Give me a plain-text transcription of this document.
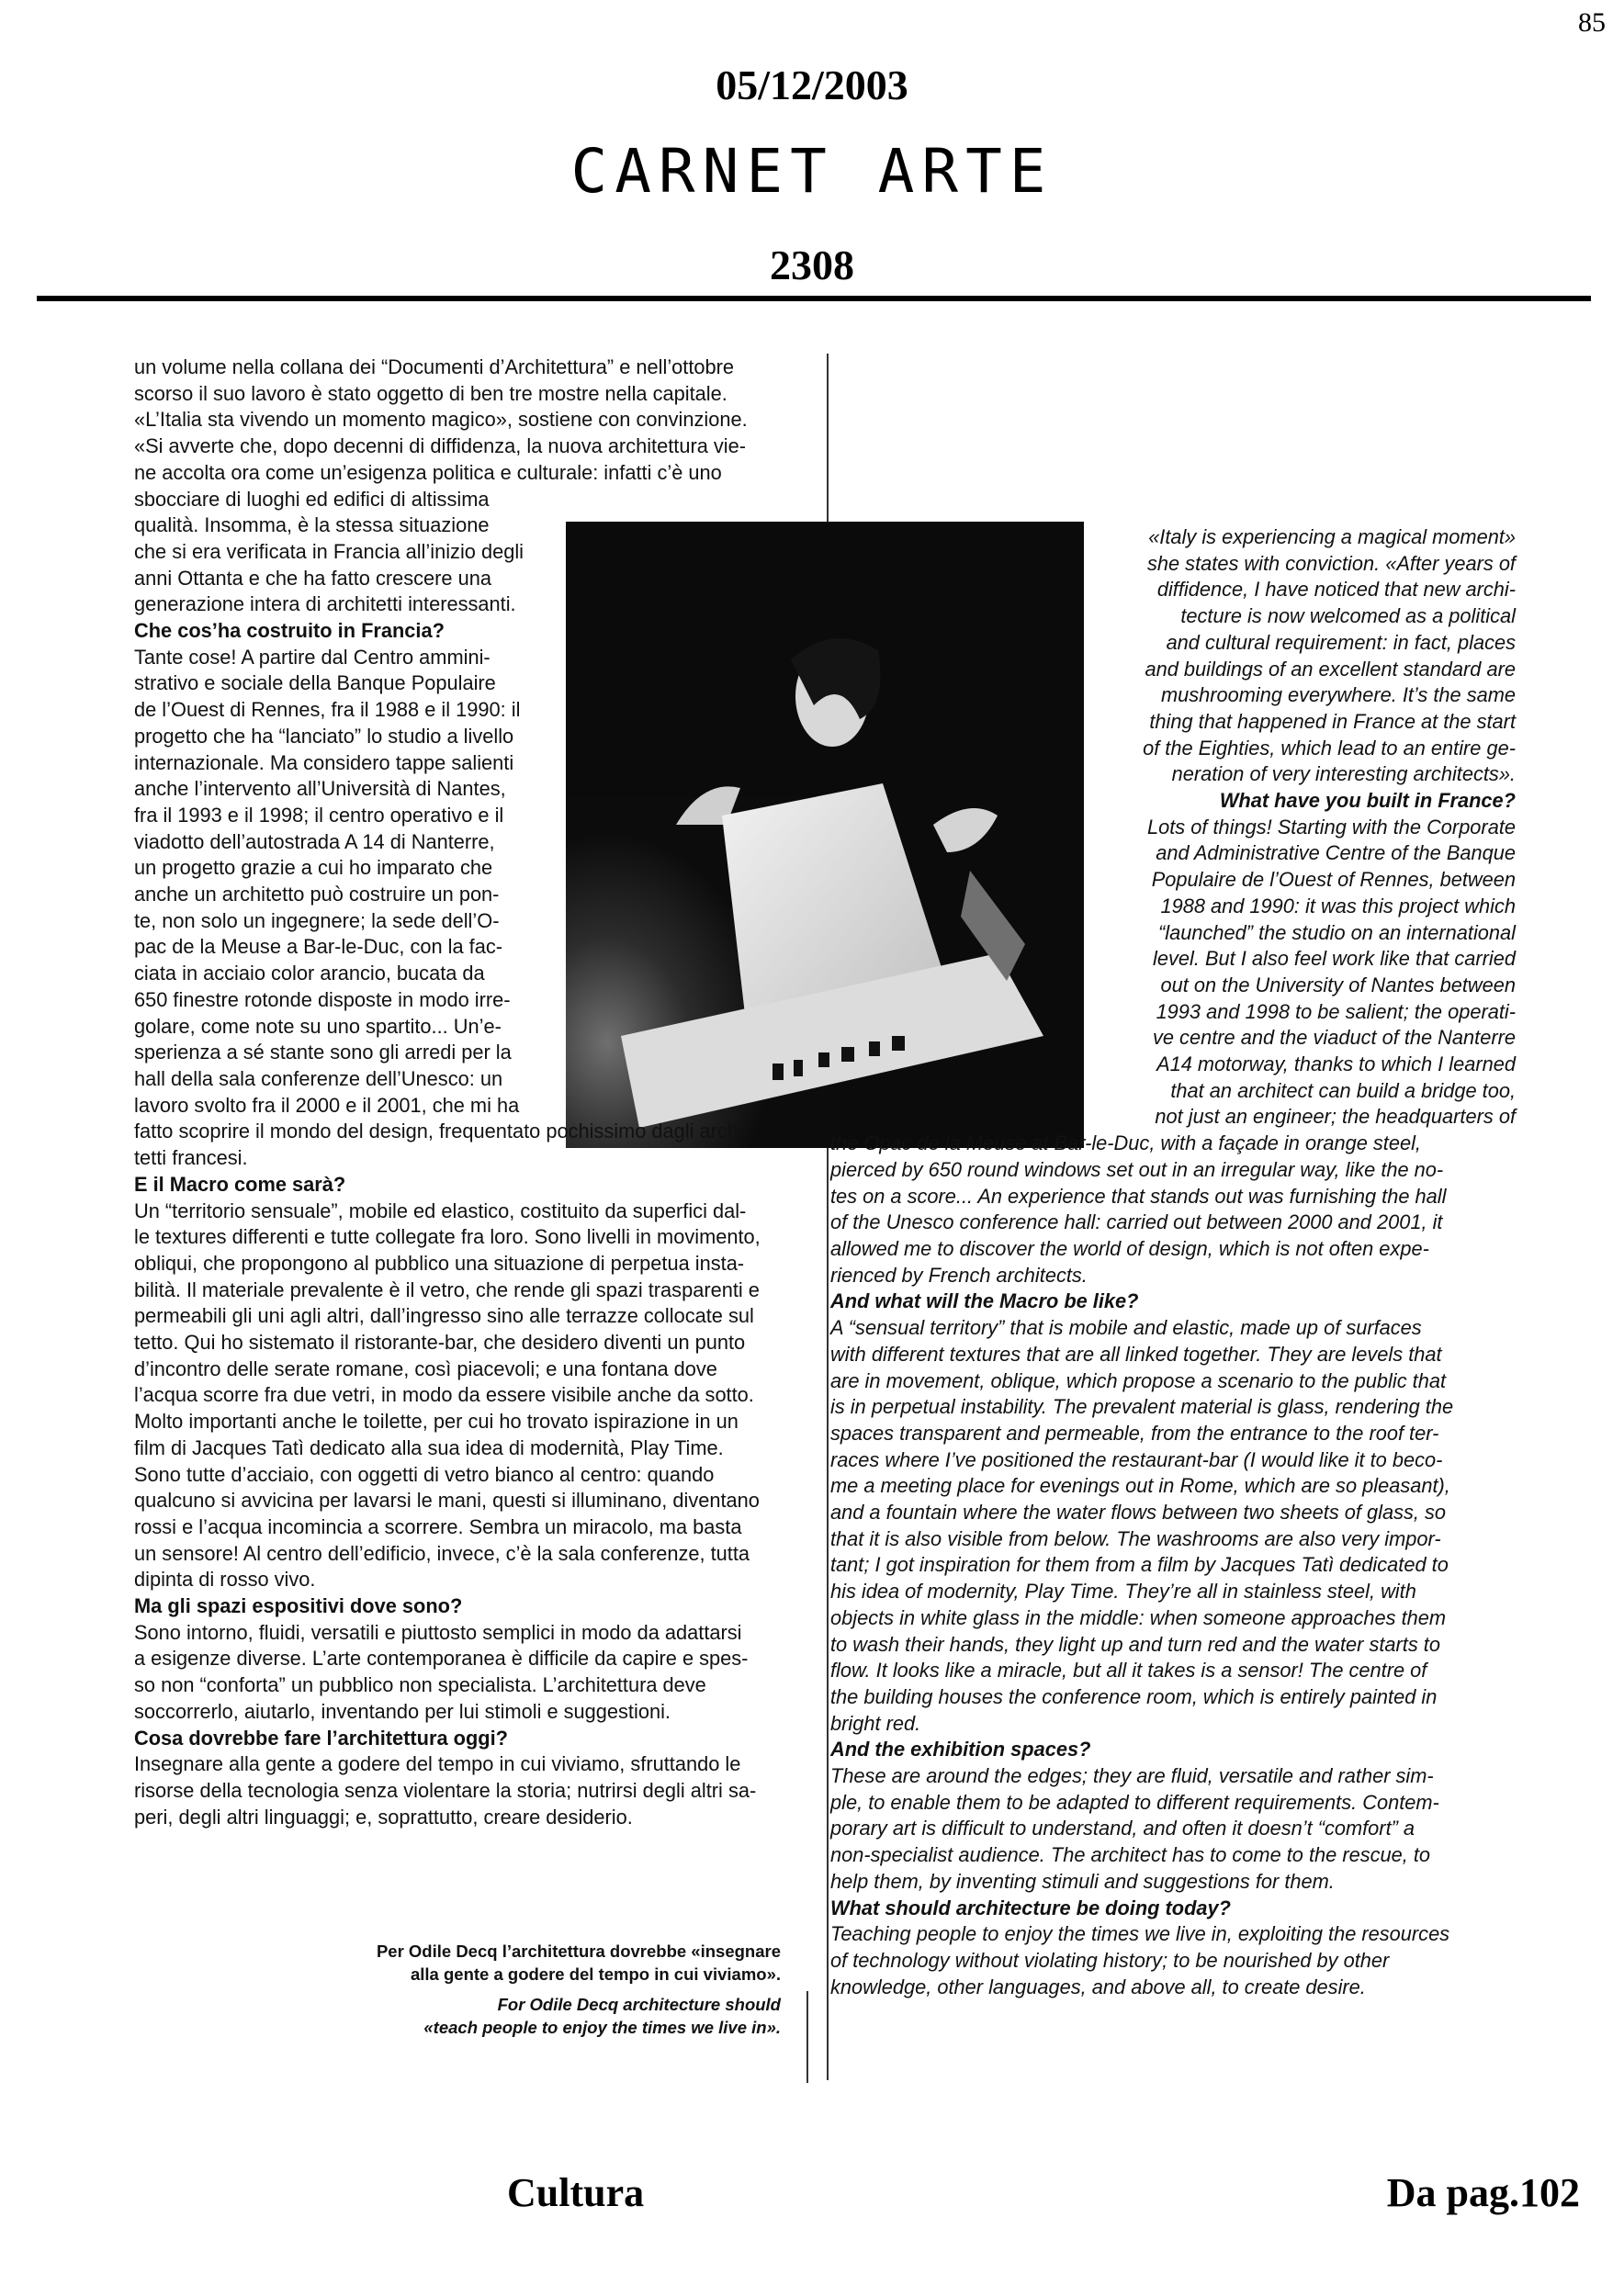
85
05/12/2003
CARNET ARTE
2308

un volume nella collana dei “Documenti d’Architettura” e nell’ottobre

scorso il suo lavoro è stato oggetto di ben tre mostre nella capitale.

«L’Italia sta vivendo un momento magico», sostiene con convinzione.

«Si avverte che, dopo decenni di diffidenza, la nuova architettura vie-

ne accolta ora come un’esigenza politica e culturale: infatti c’è uno

sbocciare di luoghi ed edifici di altissima

qualità. Insomma, è la stessa situazione

che si era verificata in Francia all’inizio degli

anni Ottanta e che ha fatto crescere una

generazione intera di architetti interessanti.

Che cos’ha costruito in Francia?

Tante cose! A partire dal Centro ammini-

strativo e sociale della Banque Populaire

de l’Ouest di Rennes, fra il 1988 e il 1990: il

progetto che ha “lanciato” lo studio a livello

internazionale. Ma considero tappe salienti

anche l’intervento all’Università di Nantes,

fra il 1993 e il 1998; il centro operativo e il

viadotto dell’autostrada A 14 di Nanterre,

un progetto grazie a cui ho imparato che

anche un architetto può costruire un pon-

te, non solo un ingegnere; la sede dell’O-

pac de la Meuse a Bar-le-Duc, con la fac-

ciata in acciaio color arancio, bucata da

650 finestre rotonde disposte in modo irre-

golare, come note su uno spartito... Un’e-

sperienza a sé stante sono gli arredi per la

hall della sala conferenze dell’Unesco: un

lavoro svolto fra il 2000 e il 2001, che mi ha

fatto scoprire il mondo del design, frequentato pochissimo dagli archi-

tetti francesi.

E il Macro come sarà?

Un “territorio sensuale”, mobile ed elastico, costituito da superfici dal-

le textures differenti e tutte collegate fra loro. Sono livelli in movimento,

obliqui, che propongono al pubblico una situazione di perpetua insta-

bilità. Il materiale prevalente è il vetro, che rende gli spazi trasparenti e

permeabili gli uni agli altri, dall’ingresso sino alle terrazze collocate sul

tetto. Qui ho sistemato il ristorante-bar, che desidero diventi un punto

d’incontro delle serate romane, così piacevoli; e una fontana dove

l’acqua scorre fra due vetri, in modo da essere visibile anche da sotto.

Molto importanti anche le toilette, per cui ho trovato ispirazione in un

film di Jacques Tatì dedicato alla sua idea di modernità, Play Time.

Sono tutte d’acciaio, con oggetti di vetro bianco al centro: quando

qualcuno si avvicina per lavarsi le mani, questi si illuminano, diventano

rossi e l’acqua incomincia a scorrere. Sembra un miracolo, ma basta

un sensore! Al centro dell’edificio, invece, c’è la sala conferenze, tutta

dipinta di rosso vivo.

Ma gli spazi espositivi dove sono?

Sono intorno, fluidi, versatili e piuttosto semplici in modo da adattarsi

a esigenze diverse. L’arte contemporanea è difficile da capire e spes-

so non “conforta” un pubblico non specialista. L’architettura deve

soccorrerlo, aiutarlo, inventando per lui stimoli e suggestioni.

Cosa dovrebbe fare l’architettura oggi?

Insegnare alla gente a godere del tempo in cui viviamo, sfruttando le

risorse della tecnologia senza violentare la storia; nutrirsi degli altri sa-

peri, degli altri linguaggi; e, soprattutto, creare desiderio.

«Italy is experiencing a magical moment»

she states with conviction. «After years of

diffidence, I have noticed that new archi-

tecture is now welcomed as a political

and cultural requirement: in fact, places

and buildings of an excellent standard are

mushrooming everywhere. It’s the same

thing that happened in France at the start

of the Eighties, which lead to an entire ge-

neration of very interesting architects».

What have you built in France?

Lots of things! Starting with the Corporate

and Administrative Centre of the Banque

Populaire de l’Ouest of Rennes, between

1988 and 1990: it was this project which

“launched” the studio on an international

level. But I also feel work like that carried

out on the University of Nantes between

1993 and 1998 to be salient; the operati-

ve centre and the viaduct of the Nanterre

A14 motorway, thanks to which I learned

that an architect can build a bridge too,

not just an engineer; the headquarters of

the Opac de la Meuse at Bar-le-Duc, with a façade in orange steel,

pierced by 650 round windows set out in an irregular way, like the no-

tes on a score... An experience that stands out was furnishing the hall

of the Unesco conference hall: carried out between 2000 and 2001, it

allowed me to discover the world of design, which is not often expe-

rienced by French architects.

And what will the Macro be like?

A “sensual territory” that is mobile and elastic, made up of surfaces

with different textures that are all linked together. They are levels that

are in movement, oblique, which propose a scenario to the public that

is in perpetual instability. The prevalent material is glass, rendering the

spaces transparent and permeable, from the entrance to the roof ter-

races where I’ve positioned the restaurant-bar (I would like it to beco-

me a meeting place for evenings out in Rome, which are so pleasant),

and a fountain where the water flows between two sheets of glass, so

that it is also visible from below. The washrooms are also very impor-

tant; I got inspiration for them from a film by Jacques Tatì dedicated to

his idea of modernity, Play Time. They’re all in stainless steel, with

objects in white glass in the middle: when someone approaches them

to wash their hands, they light up and turn red and the water starts to

flow. It looks like a miracle, but all it takes is a sensor! The centre of

the building houses the conference room, which is entirely painted in

bright red.

And the exhibition spaces?

These are around the edges; they are fluid, versatile and rather sim-

ple, to enable them to be adapted to different requirements. Contem-

porary art is difficult to understand, and often it doesn’t “comfort” a

non-specialist audience. The architect has to come to the rescue, to

help them, by inventing stimuli and suggestions for them.

What should architecture be doing today?

Teaching people to enjoy the times we live in, exploiting the resources

of technology without violating history; to be nourished by other

knowledge, other languages, and above all, to create desire.

Per Odile Decq l’architettura dovrebbe «insegnare
alla gente a godere del tempo in cui viviamo».
For Odile Decq architecture should
«teach people to enjoy the times we live in».
Cultura	Da pag.102
